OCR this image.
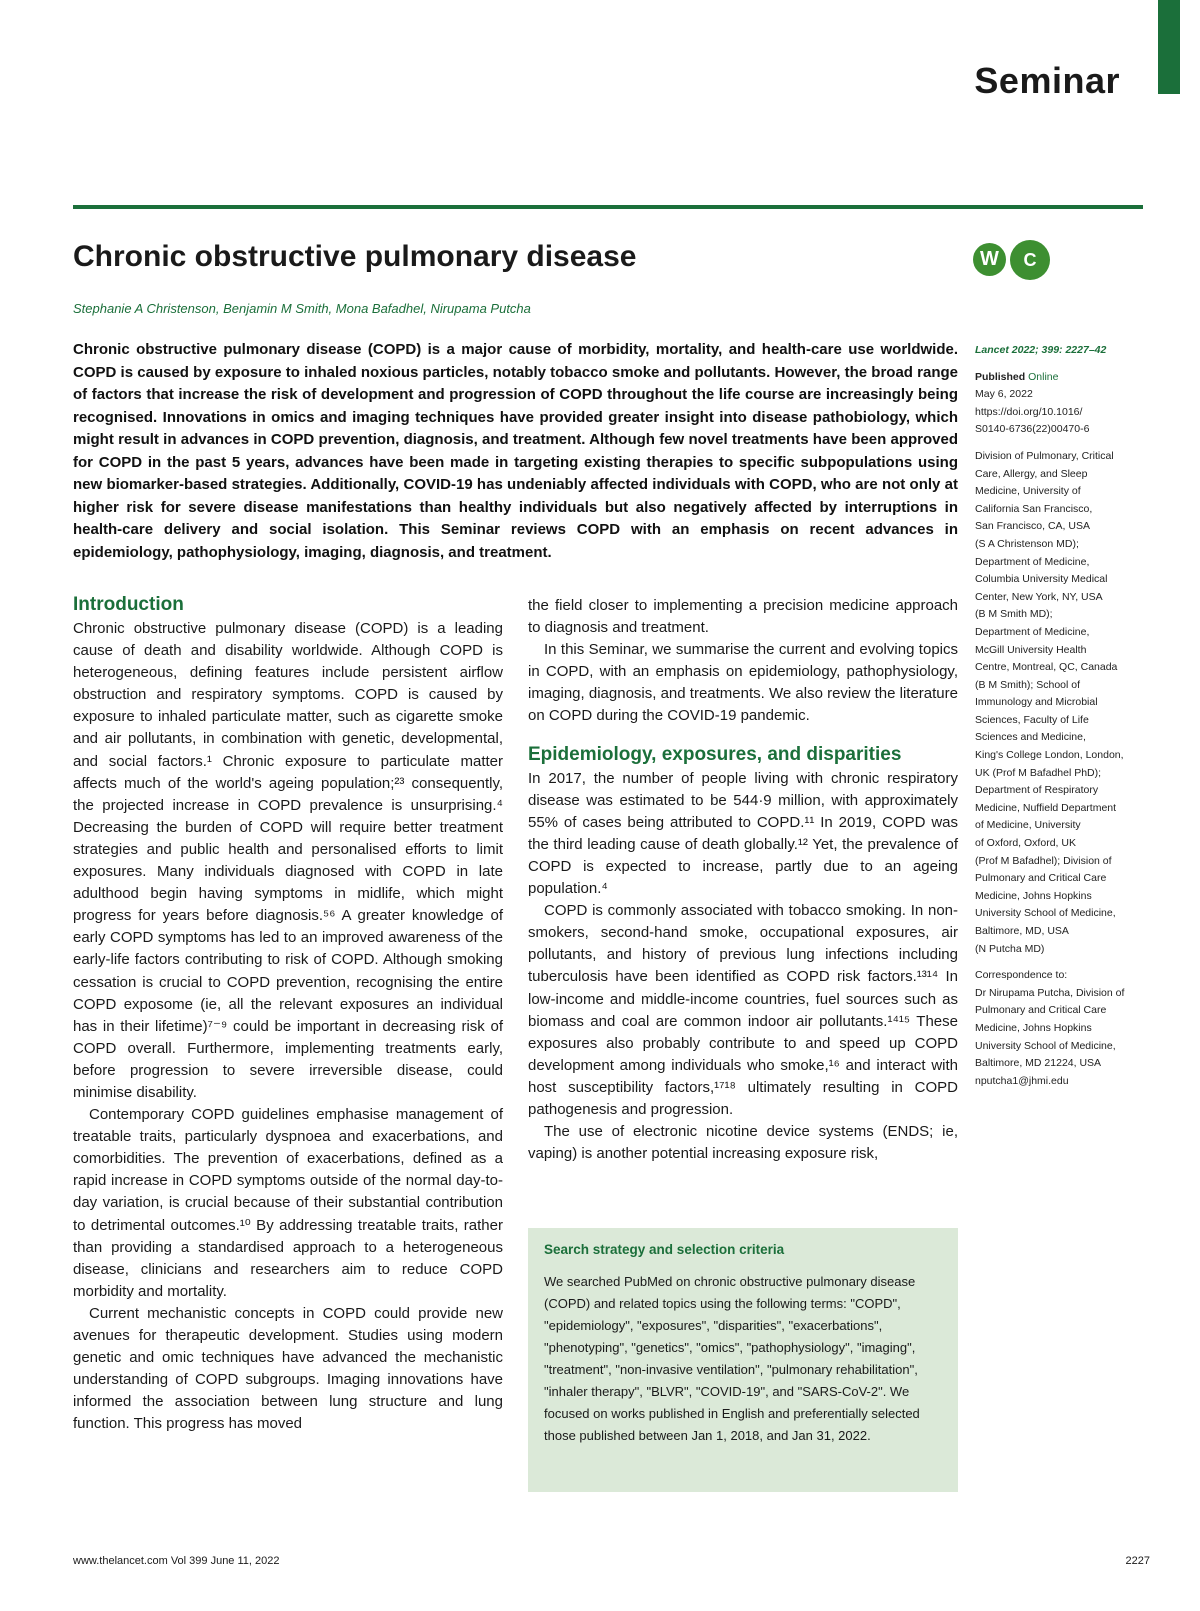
Seminar
Chronic obstructive pulmonary disease	W	C
Stephanie A Christenson, Benjamin M Smith, Mona Bafadhel, Nirupama Putcha

Chronic obstructive pulmonary disease (COPD) is a major cause of morbidity, mortality, and health-care use worldwide. COPD is caused by exposure to inhaled noxious particles, notably tobacco smoke and pollutants. However, the broad range of factors that increase the risk of development and progression of COPD throughout the life course are increasingly being recognised. Innovations in omics and imaging techniques have provided greater insight into disease pathobiology, which might result in advances in COPD prevention, diagnosis, and treatment. Although few novel treatments have been approved for COPD in the past 5 years, advances have been made in targeting existing therapies to specific subpopulations using new biomarker-based strategies. Additionally, COVID-19 has undeniably affected individuals with COPD, who are not only at higher risk for severe disease manifestations than healthy individuals but also negatively affected by interruptions in health-care delivery and social isolation. This Seminar reviews COPD with an emphasis on recent advances in epidemiology, pathophysiology, imaging, diagnosis, and treatment.

Lancet 2022; 399: 2227–42

Published Online

May 6, 2022

https://doi.org/10.1016/

S0140-6736(22)00470-6

Division of Pulmonary, Critical

Care, Allergy, and Sleep

Medicine, University of

California San Francisco,

San Francisco, CA, USA

(S A Christenson MD);

Department of Medicine,

Columbia University Medical

Center, New York, NY, USA

(B M Smith MD);

Department of Medicine,

McGill University Health

Centre, Montreal, QC, Canada

(B M Smith); School of

Immunology and Microbial

Sciences, Faculty of Life

Sciences and Medicine,

King's College London, London,

UK (Prof M Bafadhel PhD);

Department of Respiratory

Medicine, Nuffield Department

of Medicine, University

of Oxford, Oxford, UK

(Prof M Bafadhel); Division of

Pulmonary and Critical Care

Medicine, Johns Hopkins

University School of Medicine,

Baltimore, MD, USA

(N Putcha MD)

Correspondence to:

Dr Nirupama Putcha, Division of

Pulmonary and Critical Care

Medicine, Johns Hopkins

University School of Medicine,

Baltimore, MD 21224, USA

nputcha1@jhmi.edu

Introduction

Chronic obstructive pulmonary disease (COPD) is a leading cause of death and disability worldwide. Although COPD is heterogeneous, defining features include persistent airflow obstruction and respiratory symptoms. COPD is caused by exposure to inhaled particulate matter, such as cigarette smoke and air pollutants, in combination with genetic, developmental, and social factors.¹ Chronic exposure to particulate matter affects much of the world's ageing population;²³ consequently, the projected increase in COPD prevalence is unsurprising.⁴ Decreasing the burden of COPD will require better treatment strategies and public health and personalised efforts to limit exposures. Many individuals diagnosed with COPD in late adulthood begin having symptoms in midlife, which might progress for years before diagnosis.⁵⁶ A greater knowledge of early COPD symptoms has led to an improved awareness of the early-life factors contributing to risk of COPD. Although smoking cessation is crucial to COPD prevention, recognising the entire COPD exposome (ie, all the relevant exposures an individual has in their lifetime)⁷⁻⁹ could be important in decreasing risk of COPD overall. Furthermore, implementing treatments early, before progression to severe irreversible disease, could minimise disability.

Contemporary COPD guidelines emphasise management of treatable traits, particularly dyspnoea and exacerbations, and comorbidities. The prevention of exacerbations, defined as a rapid increase in COPD symptoms outside of the normal day-to-day variation, is crucial because of their substantial contribution to detrimental outcomes.¹⁰ By addressing treatable traits, rather than providing a standardised approach to a heterogeneous disease, clinicians and researchers aim to reduce COPD morbidity and mortality.

Current mechanistic concepts in COPD could provide new avenues for therapeutic development. Studies using modern genetic and omic techniques have advanced the mechanistic understanding of COPD subgroups. Imaging innovations have informed the association between lung structure and lung function. This progress has moved

the field closer to implementing a precision medicine approach to diagnosis and treatment.

In this Seminar, we summarise the current and evolving topics in COPD, with an emphasis on epidemiology, pathophysiology, imaging, diagnosis, and treatments. We also review the literature on COPD during the COVID-19 pandemic.

Epidemiology, exposures, and disparities

In 2017, the number of people living with chronic respiratory disease was estimated to be 544·9 million, with approximately 55% of cases being attributed to COPD.¹¹ In 2019, COPD was the third leading cause of death globally.¹² Yet, the prevalence of COPD is expected to increase, partly due to an ageing population.⁴

COPD is commonly associated with tobacco smoking. In non-smokers, second-hand smoke, occupational exposures, air pollutants, and history of previous lung infections including tuberculosis have been identified as COPD risk factors.¹³¹⁴ In low-income and middle-income countries, fuel sources such as biomass and coal are common indoor air pollutants.¹⁴¹⁵ These exposures also probably contribute to and speed up COPD development among individuals who smoke,¹⁶ and interact with host susceptibility factors,¹⁷¹⁸ ultimately resulting in COPD pathogenesis and progression.

The use of electronic nicotine device systems (ENDS; ie, vaping) is another potential increasing exposure risk,

Search strategy and selection criteria

We searched PubMed on chronic obstructive pulmonary disease (COPD) and related topics using the following terms: "COPD", "epidemiology", "exposures", "disparities", "exacerbations", "phenotyping", "genetics", "omics", "pathophysiology", "imaging", "treatment", "non-invasive ventilation", "pulmonary rehabilitation", "inhaler therapy", "BLVR", "COVID-19", and "SARS-CoV-2". We focused on works published in English and preferentially selected those published between Jan 1, 2018, and Jan 31, 2022.

www.thelancet.com Vol 399 June 11, 2022	2227
